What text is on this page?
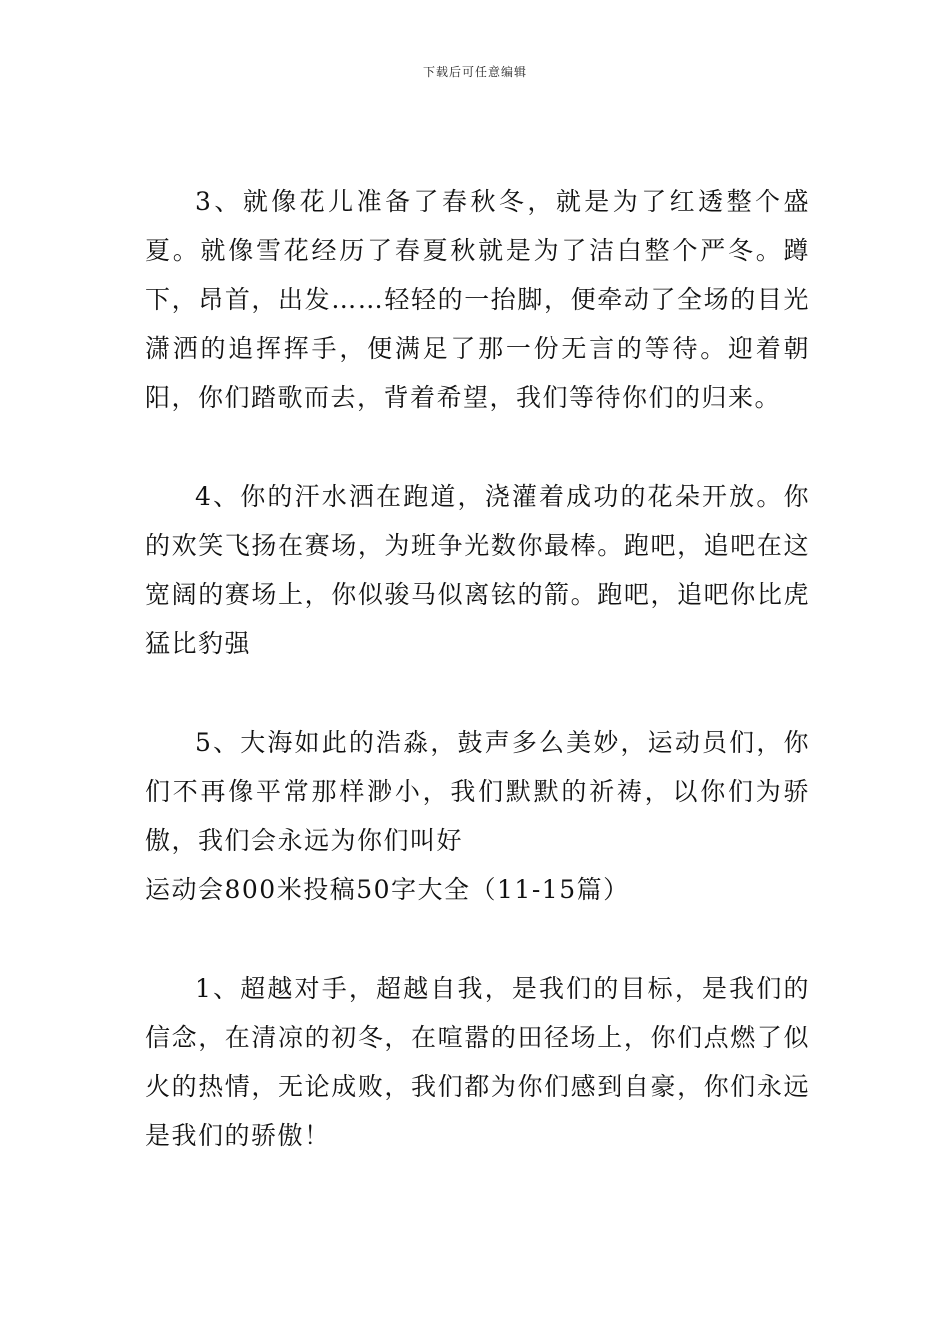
下载后可任意编辑

3、就像花儿准备了春秋冬，就是为了红透整个盛夏。就像雪花经历了春夏秋就是为了洁白整个严冬。蹲下，昂首，出发……轻轻的一抬脚，便牵动了全场的目光潇洒的追挥挥手，便满足了那一份无言的等待。迎着朝阳，你们踏歌而去，背着希望，我们等待你们的归来。

4、你的汗水洒在跑道，浇灌着成功的花朵开放。你的欢笑飞扬在赛场，为班争光数你最棒。跑吧，追吧在这宽阔的赛场上，你似骏马似离铉的箭。跑吧，追吧你比虎猛比豹强

5、大海如此的浩淼，鼓声多么美妙，运动员们，你们不再像平常那样渺小，我们默默的祈祷，以你们为骄傲，我们会永远为你们叫好

运动会800米投稿50字大全（11-15篇）

1、超越对手，超越自我，是我们的目标，是我们的信念，在清凉的初冬，在喧嚣的田径场上，你们点燃了似火的热情，无论成败，我们都为你们感到自豪，你们永远是我们的骄傲！
